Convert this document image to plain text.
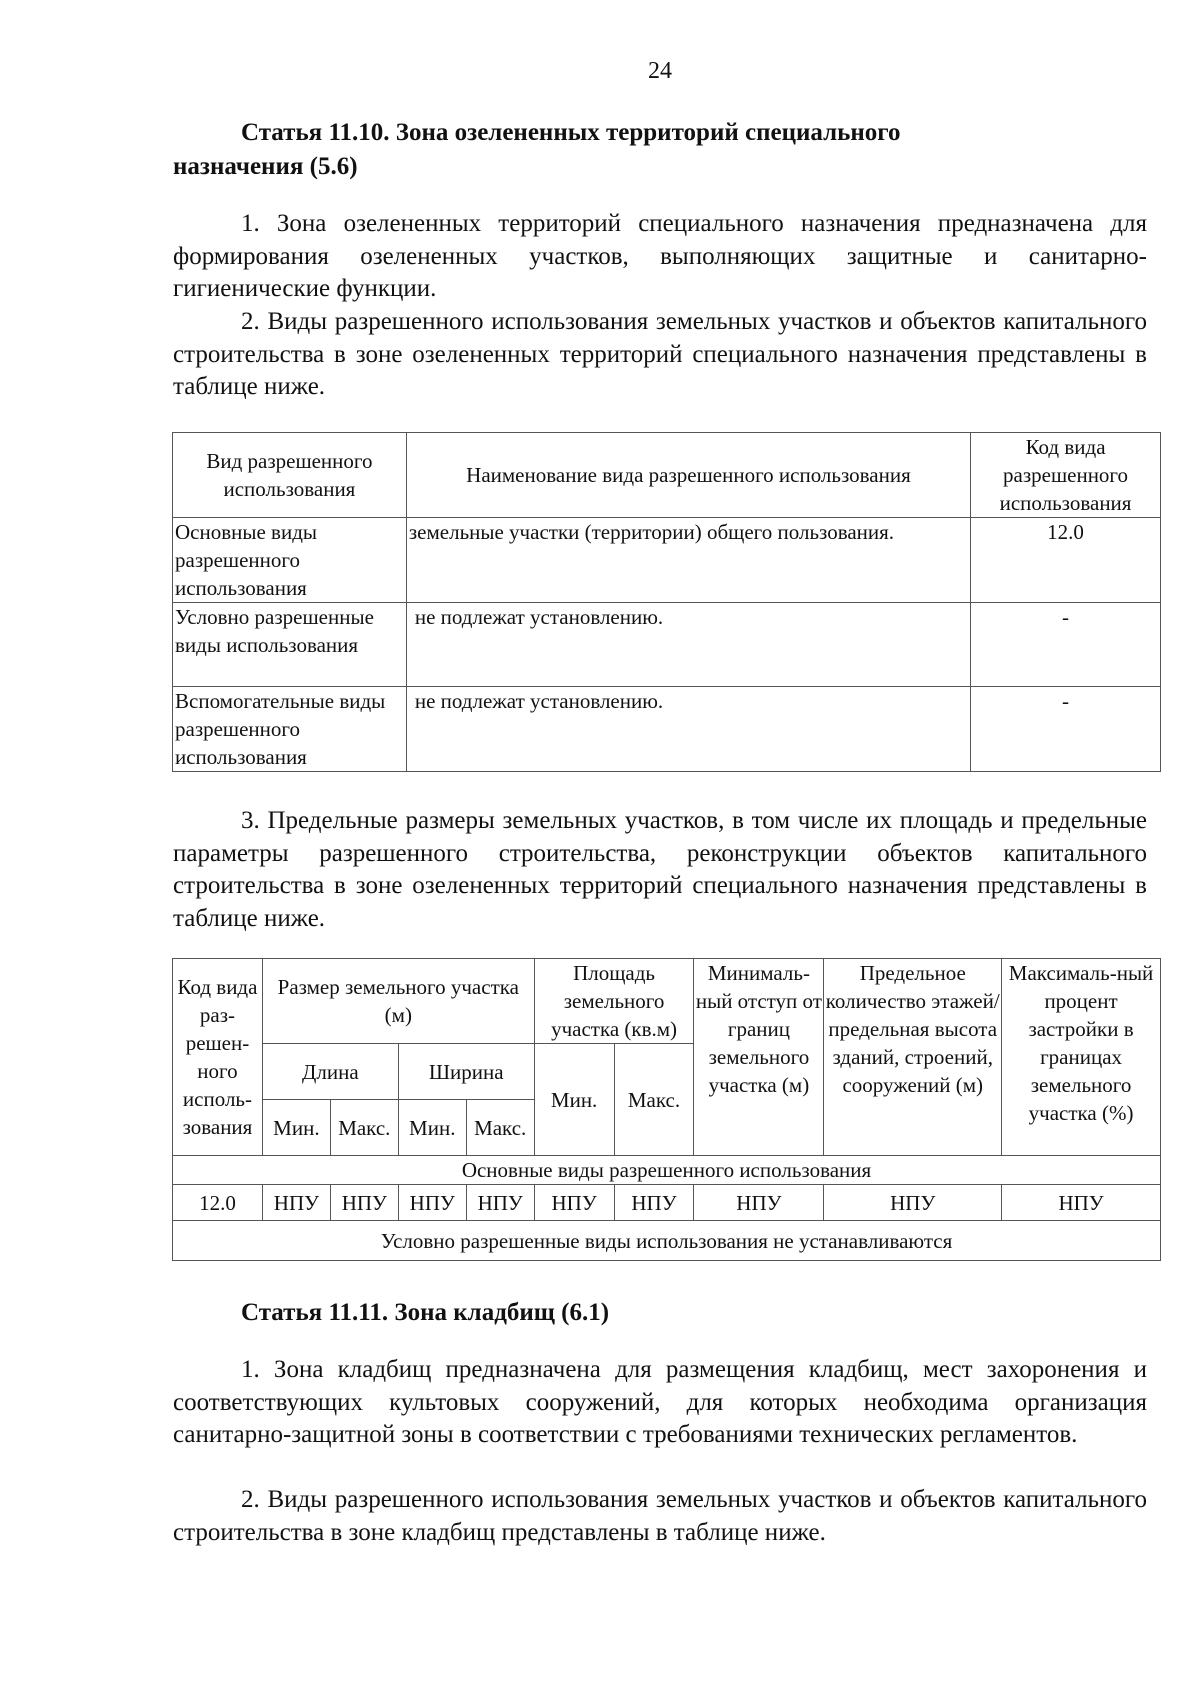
24
Статья 11.10. Зона озелененных территорий специального
назначения (5.6)
1. Зона озелененных территорий специального назначения предназначена для формирования озелененных участков, выполняющих защитные и санитарно-гигиенические функции.
2. Виды разрешенного использования земельных участков и объектов капитального строительства в зоне озелененных территорий специального назначения представлены в таблице ниже.
Вид разрешенного использования	Наименование вида разрешенного использования	Код вида разрешенного использования
Основные виды разрешенного использования	земельные участки (территории) общего пользования.	12.0
Условно разрешенные виды использования	не подлежат установлению.	-
Вспомогательные виды разрешенного использования	не подлежат установлению.	-
3. Предельные размеры земельных участков, в том числе их площадь и предельные параметры разрешенного строительства, реконструкции объектов капитального строительства в зоне озелененных территорий специального назначения представлены в таблице ниже.
Код вида раз-решен-ного исполь-зования	Размер земельного участка (м)				Площадь земельного участка (кв.м)		Минималь-ный отступ от границ земельного участка (м)	Предельное количество этажей/ предельная высота зданий, строений, сооружений (м)	Максималь-ный процент застройки в границах земельного участка (%)
	Длина		Ширина		Мин.	Макс.			
	Мин.	Макс.	Мин.	Макс.					
Основные виды разрешенного использования									
12.0	НПУ	НПУ	НПУ	НПУ	НПУ	НПУ	НПУ	НПУ	НПУ
Условно разрешенные виды использования не устанавливаются									
Статья 11.11. Зона кладбищ (6.1)
1. Зона кладбищ предназначена для размещения кладбищ, мест захоронения и соответствующих культовых сооружений, для которых необходима организация санитарно-защитной зоны в соответствии с требованиями технических регламентов.
2. Виды разрешенного использования земельных участков и объектов капитального строительства в зоне кладбищ представлены в таблице ниже.
